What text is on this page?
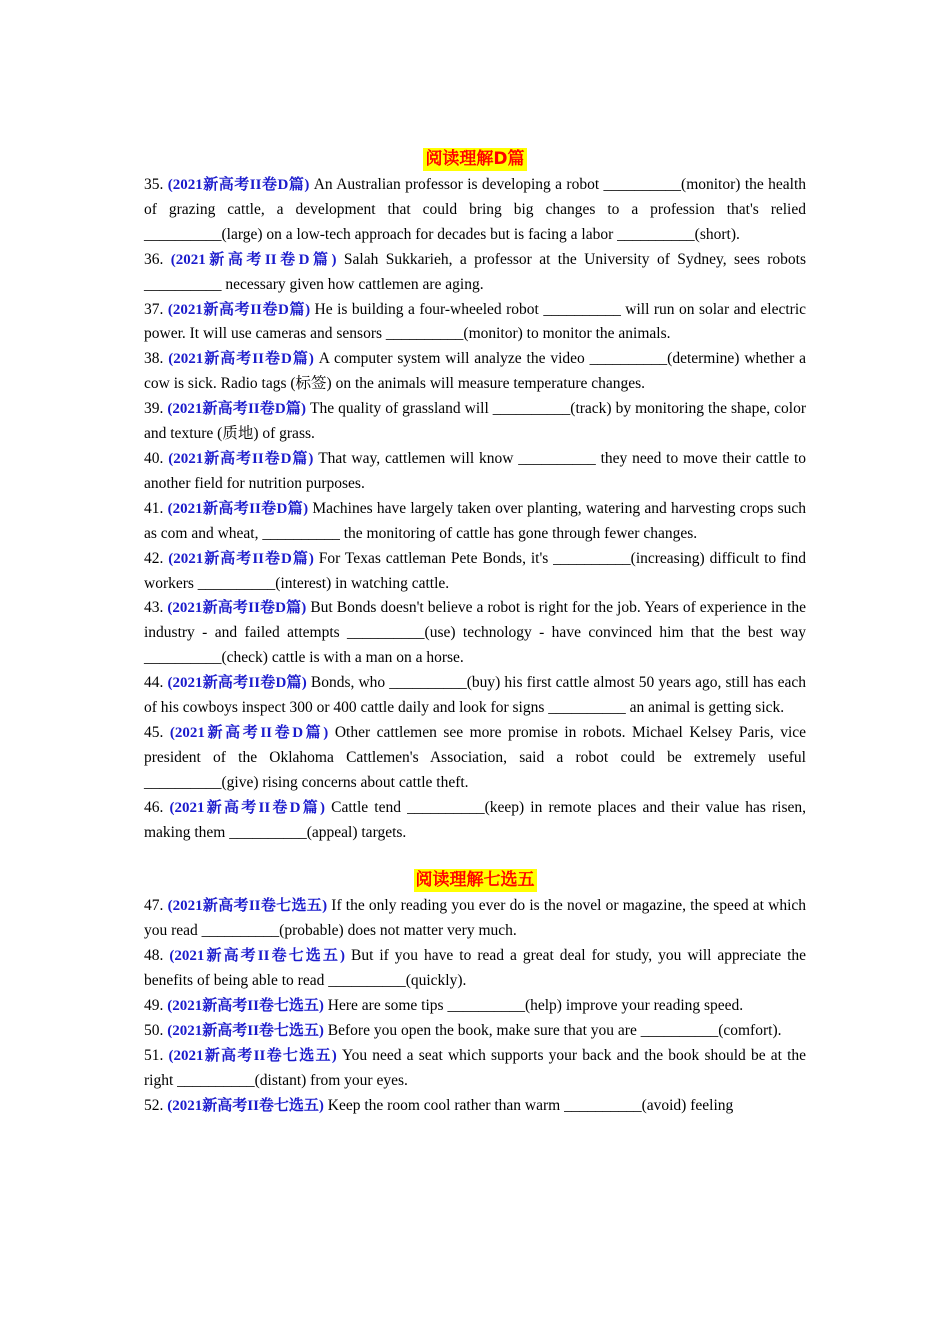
阅读理解D篇

35. (2021新高考II卷D篇) An Australian professor is developing a robot __________(monitor) the health of grazing cattle, a development that could bring big changes to a profession that's relied __________(large) on a low-tech approach for decades but is facing a labor __________(short).

36. (2021新高考II卷D篇) Salah Sukkarieh, a professor at the University of Sydney, sees robots __________ necessary given how cattlemen are aging.

37. (2021新高考II卷D篇) He is building a four-wheeled robot __________ will run on solar and electric power. It will use cameras and sensors __________(monitor) to monitor the animals.

38. (2021新高考II卷D篇) A computer system will analyze the video __________(determine) whether a cow is sick. Radio tags (标签) on the animals will measure temperature changes.

39. (2021新高考II卷D篇) The quality of grassland will __________(track) by monitoring the shape, color and texture (质地) of grass.

40. (2021新高考II卷D篇) That way, cattlemen will know __________ they need to move their cattle to another field for nutrition purposes.

41. (2021新高考II卷D篇) Machines have largely taken over planting, watering and harvesting crops such as com and wheat, __________ the monitoring of cattle has gone through fewer changes.

42. (2021新高考II卷D篇) For Texas cattleman Pete Bonds, it's __________(increasing) difficult to find workers __________(interest) in watching cattle.

43. (2021新高考II卷D篇) But Bonds doesn't believe a robot is right for the job. Years of experience in the industry - and failed attempts __________(use) technology - have convinced him that the best way __________(check) cattle is with a man on a horse.

44. (2021新高考II卷D篇) Bonds, who __________(buy) his first cattle almost 50 years ago, still has each of his cowboys inspect 300 or 400 cattle daily and look for signs __________ an animal is getting sick.

45. (2021新高考II卷D篇) Other cattlemen see more promise in robots. Michael Kelsey Paris, vice president of the Oklahoma Cattlemen's Association, said a robot could be extremely useful __________(give) rising concerns about cattle theft.

46. (2021新高考II卷D篇) Cattle tend __________(keep) in remote places and their value has risen, making them __________(appeal) targets.

阅读理解七选五

47. (2021新高考II卷七选五) If the only reading you ever do is the novel or magazine, the speed at which you read __________(probable) does not matter very much.

48. (2021新高考II卷七选五) But if you have to read a great deal for study, you will appreciate the benefits of being able to read __________(quickly).

49. (2021新高考II卷七选五) Here are some tips __________(help) improve your reading speed.

50. (2021新高考II卷七选五) Before you open the book, make sure that you are __________(comfort).

51. (2021新高考II卷七选五) You need a seat which supports your back and the book should be at the right __________(distant) from your eyes.

52. (2021新高考II卷七选五) Keep the room cool rather than warm __________(avoid) feeling
